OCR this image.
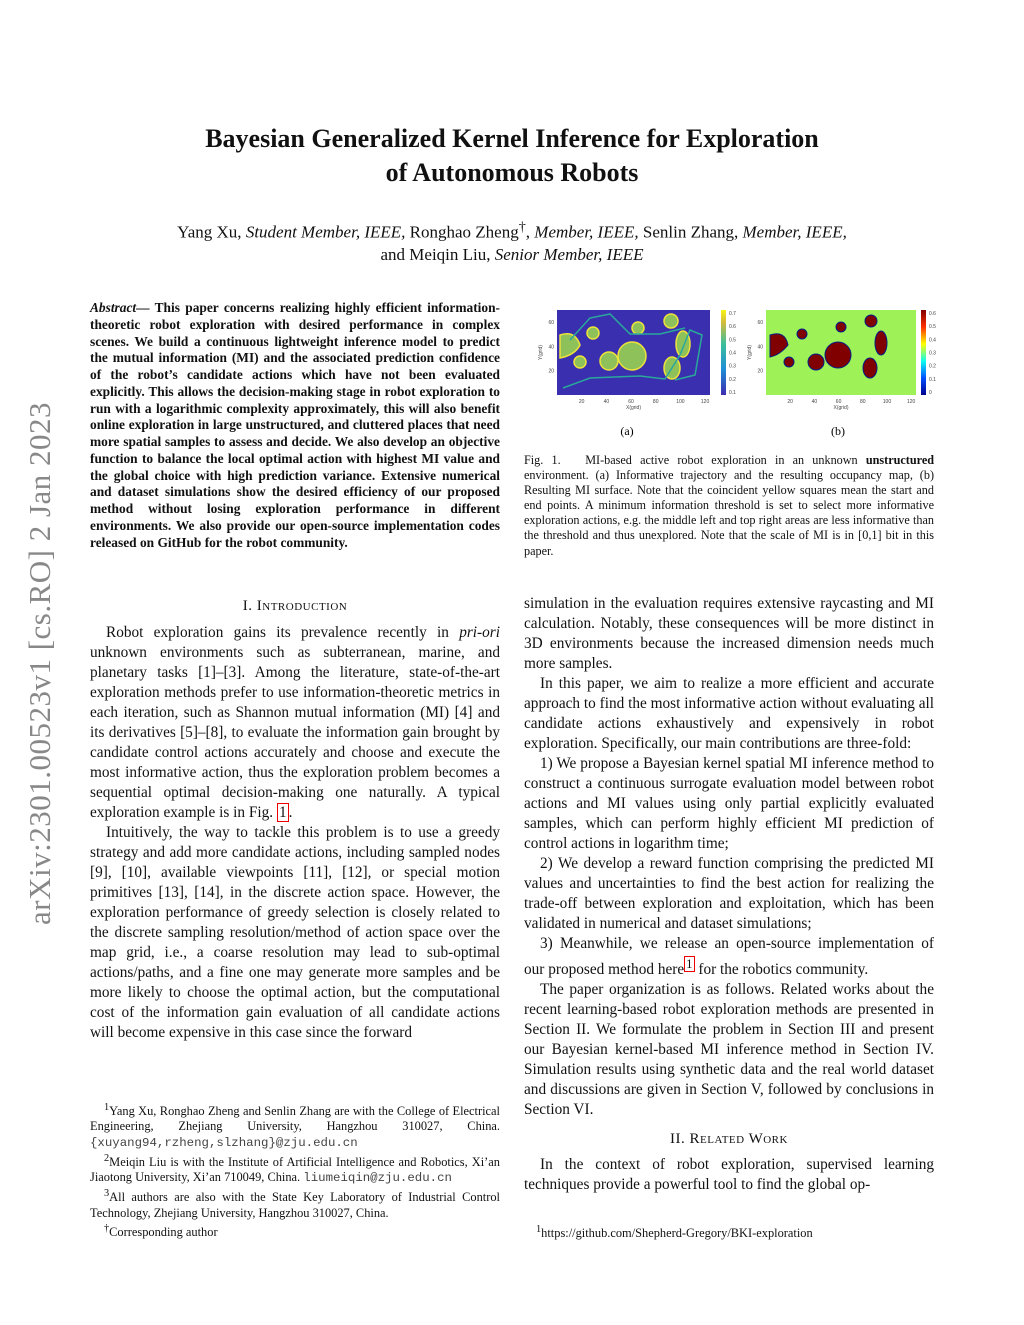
arXiv:2301.00523v1 [cs.RO] 2 Jan 2023
Bayesian Generalized Kernel Inference for Exploration
of Autonomous Robots
Yang Xu, Student Member, IEEE, Ronghao Zheng†, Member, IEEE, Senlin Zhang, Member, IEEE,
and Meiqin Liu, Senior Member, IEEE
Abstract— This paper concerns realizing highly efficient information-theoretic robot exploration with desired performance in complex scenes. We build a continuous lightweight inference model to predict the mutual information (MI) and the associated prediction confidence of the robot’s candidate actions which have not been evaluated explicitly. This allows the decision-making stage in robot exploration to run with a logarithmic complexity approximately, this will also benefit online exploration in large unstructured, and cluttered places that need more spatial samples to assess and decide. We also develop an objective function to balance the local optimal action with highest MI value and the global choice with high prediction variance. Extensive numerical and dataset simulations show the desired efficiency of our proposed method without losing exploration performance in different environments. We also provide our open-source implementation codes released on GitHub for the robot community.
I. Introduction

Robot exploration gains its prevalence recently in pri-ori unknown environments such as subterranean, marine, and planetary tasks [1]–[3]. Among the literature, state-of-the-art exploration methods prefer to use information-theoretic metrics in each iteration, such as Shannon mutual information (MI) [4] and its derivatives [5]–[8], to evaluate the information gain brought by candidate control actions accurately and choose and execute the most informative action, thus the exploration problem becomes a sequential optimal decision-making one naturally. A typical exploration example is in Fig. 1 .

Intuitively, the way to tackle this problem is to use a greedy strategy and add more candidate actions, including sampled nodes [9], [10], available viewpoints [11], [12], or special motion primitives [13], [14], in the discrete action space. However, the exploration performance of greedy selection is closely related to the discrete sampling resolution/method of action space over the map grid, i.e., a coarse resolution may lead to sub-optimal actions/paths, and a fine one may generate more samples and be more likely to choose the optimal action, but the computational cost of the information gain evaluation of all candidate actions will become expensive in this case since the forward

$^1$Yang Xu, Ronghao Zheng and Senlin Zhang are with the College of Electrical Engineering, Zhejiang University, Hangzhou 310027, China. {xuyang94,rzheng,slzhang}@zju.edu.cn

$^2$Meiqin Liu is with the Institute of Artificial Intelligence and Robotics, Xi’an Jiaotong University, Xi’an 710049, China. liumeiqin@zju.edu.cn

$^3$All authors are also with the State Key Laboratory of Industrial Control Technology, Zhejiang University, Hangzhou 310027, China.

†Corresponding author

20	40	60	80	100	120
20
40
60
0.7
0.6
0.5
0.4
0.3
0.2
0.1
X(grid)
Y(grid)
20	40	60	80	100	120
20
40
60
0.6
0.5
0.4
0.3
0.2
0.1
0
X(grid)
Y(grid)
(a)	(b)
Fig. 1. MI-based active robot exploration in an unknown unstructured environment. (a) Informative trajectory and the resulting occupancy map, (b) Resulting MI surface. Note that the coincident yellow squares mean the start and end points. A minimum information threshold is set to select more informative exploration actions, e.g. the middle left and top right areas are less informative than the threshold and thus unexplored. Note that the scale of MI is in [0,1] bit in this paper.

simulation in the evaluation requires extensive raycasting and MI calculation. Notably, these consequences will be more distinct in 3D environments because the increased dimension needs much more samples.

In this paper, we aim to realize a more efficient and accurate approach to find the most informative action without evaluating all candidate actions exhaustively and expensively in robot exploration. Specifically, our main contributions are three-fold:

1) We propose a Bayesian kernel spatial MI inference method to construct a continuous surrogate evaluation model between robot actions and MI values using only partial explicitly evaluated samples, which can perform highly efficient MI prediction of control actions in logarithm time;

2) We develop a reward function comprising the predicted MI values and uncertainties to find the best action for realizing the trade-off between exploration and exploitation, which has been validated in numerical and dataset simulations;

3) Meanwhile, we release an open-source implementation of our proposed method here $^1$ for the robotics community.

The paper organization is as follows. Related works about the recent learning-based robot exploration methods are presented in Section II. We formulate the problem in Section III and present our Bayesian kernel-based MI inference method in Section IV. Simulation results using synthetic data and the real world dataset and discussions are given in Section V, followed by conclusions in Section VI.

II. Related Work

In the context of robot exploration, supervised learning techniques provide a powerful tool to find the global op-

$^1$https://github.com/Shepherd-Gregory/BKI-exploration
